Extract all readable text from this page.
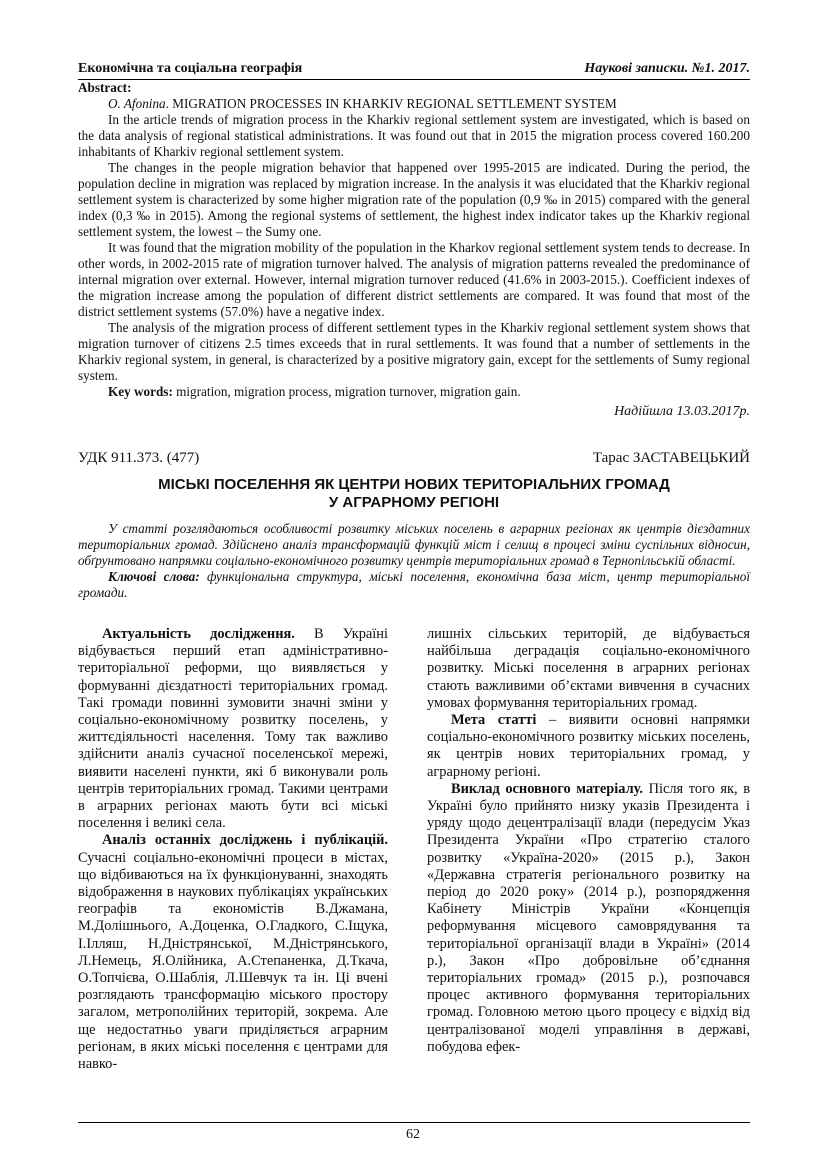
Економічна та соціальна географія	Наукові записки. №1. 2017.

Abstract:

O. Afonina. MIGRATION PROCESSES IN KHARKIV REGIONAL SETTLEMENT SYSTEM

In the article trends of migration process in the Kharkiv regional settlement system are investigated, which is based on the data analysis of regional statistical administrations. It was found out that in 2015 the migration process covered 160.200 inhabitants of Kharkiv regional settlement system.

The changes in the people migration behavior that happened over 1995-2015 are indicated. During the period, the population decline in migration was replaced by migration increase. In the analysis it was elucidated that the Kharkiv regional settlement system is characterized by some higher migration rate of the population (0,9 ‰ in 2015) compared with the general index (0,3 ‰ in 2015). Among the regional systems of settlement, the highest index indicator takes up the Kharkiv regional settlement system, the lowest – the Sumy one.

It was found that the migration mobility of the population in the Kharkov regional settlement system tends to decrease. In other words, in 2002-2015 rate of migration turnover halved. The analysis of migration patterns revealed the predominance of internal migration over external. However, internal migration turnover reduced (41.6% in 2003-2015.). Coefficient indexes of the migration increase among the population of different district settlements are compared. It was found that most of the district settlement systems (57.0%) have a negative index.

The analysis of the migration process of different settlement types in the Kharkiv regional settlement system shows that migration turnover of citizens 2.5 times exceeds that in rural settlements. It was found that a number of settlements in the Kharkiv regional system, in general, is characterized by a positive migratory gain, except for the settlements of Sumy regional system.

Key words: migration, migration process, migration turnover, migration gain.

Надійшла 13.03.2017р.

УДК 911.373. (477)	Тарас ЗАСТАВЕЦЬКИЙ
МІСЬКІ ПОСЕЛЕННЯ ЯК ЦЕНТРИ НОВИХ ТЕРИТОРІАЛЬНИХ ГРОМАД
У АГРАРНОМУ РЕГІОНІ

У статті розглядаються особливості розвитку міських поселень в аграрних регіонах як центрів дієздатних територіальних громад. Здійснено аналіз трансформацій функцій міст і селищ в процесі зміни суспільних відносин, обґрунтовано напрямки соціально-економічного розвитку центрів територіальних громад в Тернопільській області.

Ключові слова: функціональна структура, міські поселення, економічна база міст, центр територіальної громади.

Актуальність дослідження. В Україні відбувається перший етап адміністративно-територіальної реформи, що виявляється у формуванні дієздатності територіальних громад. Такі громади повинні зумовити значні зміни у соціально-економічному розвитку поселень, у життєдіяльності населення. Тому так важливо здійснити аналіз сучасної поселенської мережі, виявити населені пункти, які б виконували роль центрів територіальних громад. Такими центрами в аграрних регіонах мають бути всі міські поселення і великі села.

Аналіз останніх досліджень і публікацій. Сучасні соціально-економічні процеси в містах, що відбиваються на їх функціонуванні, знаходять відображення в наукових публікаціях українських географів та економістів В.Джамана, М.Долішнього, А.Доценка, О.Гладкого, С.Іщука, І.Ілляш, Н.Дністрянської, М.Дністрянського, Л.Немець, Я.Олійника, А.Степаненка, Д.Ткача, О.Топчієва, О.Шаблія, Л.Шевчук та ін. Ці вчені розглядають трансформацію міського простору загалом, метрополійних територій, зокрема. Але ще недостатньо уваги приділяється аграрним регіонам, в яких міські поселення є центрами для навко-

лишніх сільських територій, де відбувається найбільша деградація соціально-економічного розвитку. Міські поселення в аграрних регіонах стають важливими об’єктами вивчення в сучасних умовах формування територіальних громад.

Мета статті – виявити основні напрямки соціально-економічного розвитку міських поселень, як центрів нових територіальних громад, у аграрному регіоні.

Виклад основного матеріалу. Після того як, в Україні було прийнято низку указів Президента і уряду щодо децентралізації влади (передусім Указ Президента України «Про стратегію сталого розвитку «Україна-2020» (2015 р.), Закон «Державна стратегія регіонального розвитку на період до 2020 року» (2014 р.), розпорядження Кабінету Міністрів України «Концепція реформування місцевого самоврядування та територіальної організації влади в Україні» (2014 р.), Закон «Про добровільне об’єднання територіальних громад» (2015 р.), розпочався процес активного формування територіальних громад. Головною метою цього процесу є відхід від централізованої моделі управління в державі, побудова ефек-

62
